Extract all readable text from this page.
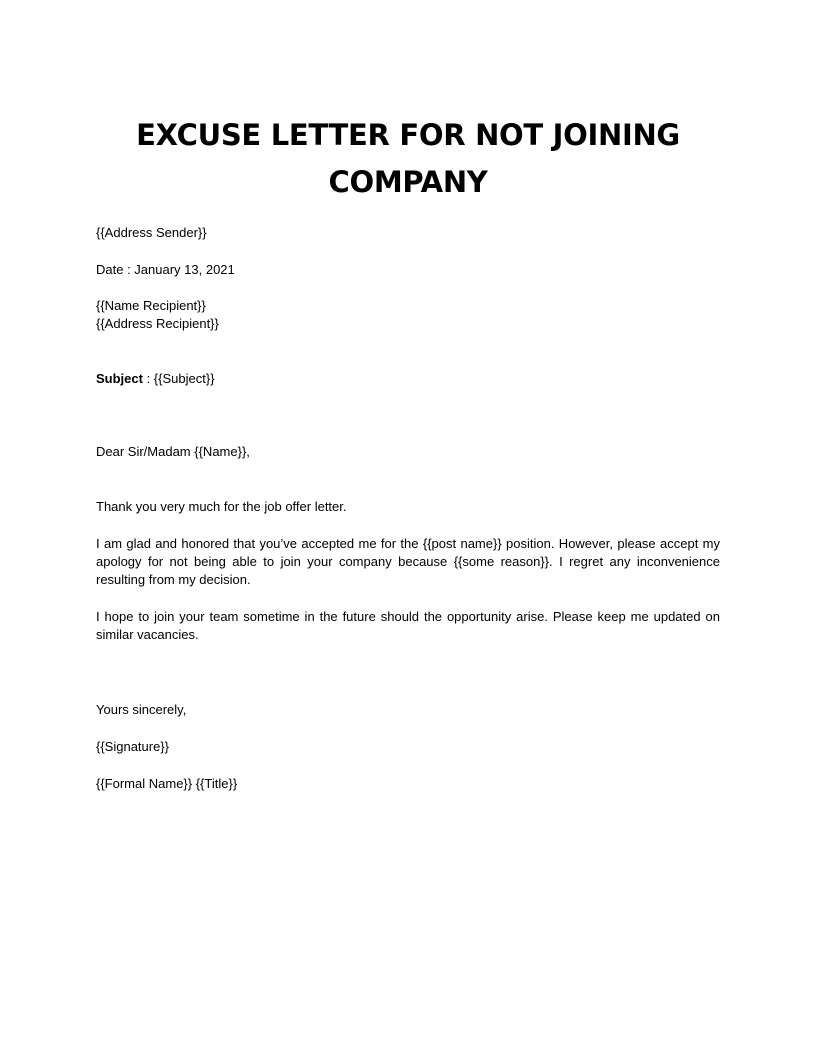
EXCUSE LETTER FOR NOT JOINING COMPANY

{{Address Sender}}

Date : January 13, 2021

{{Name Recipient}}

{{Address Recipient}}

Subject : {{Subject}}

Dear Sir/Madam {{Name}},

Thank you very much for the job offer letter.

I am glad and honored that you’ve accepted me for the {{post name}} position. However, please accept my apology for not being able to join your company because {{some reason}}. I regret any inconvenience resulting from my decision.

I hope to join your team sometime in the future should the opportunity arise. Please keep me updated on similar vacancies.

Yours sincerely,

{{Signature}}

{{Formal Name}} {{Title}}
